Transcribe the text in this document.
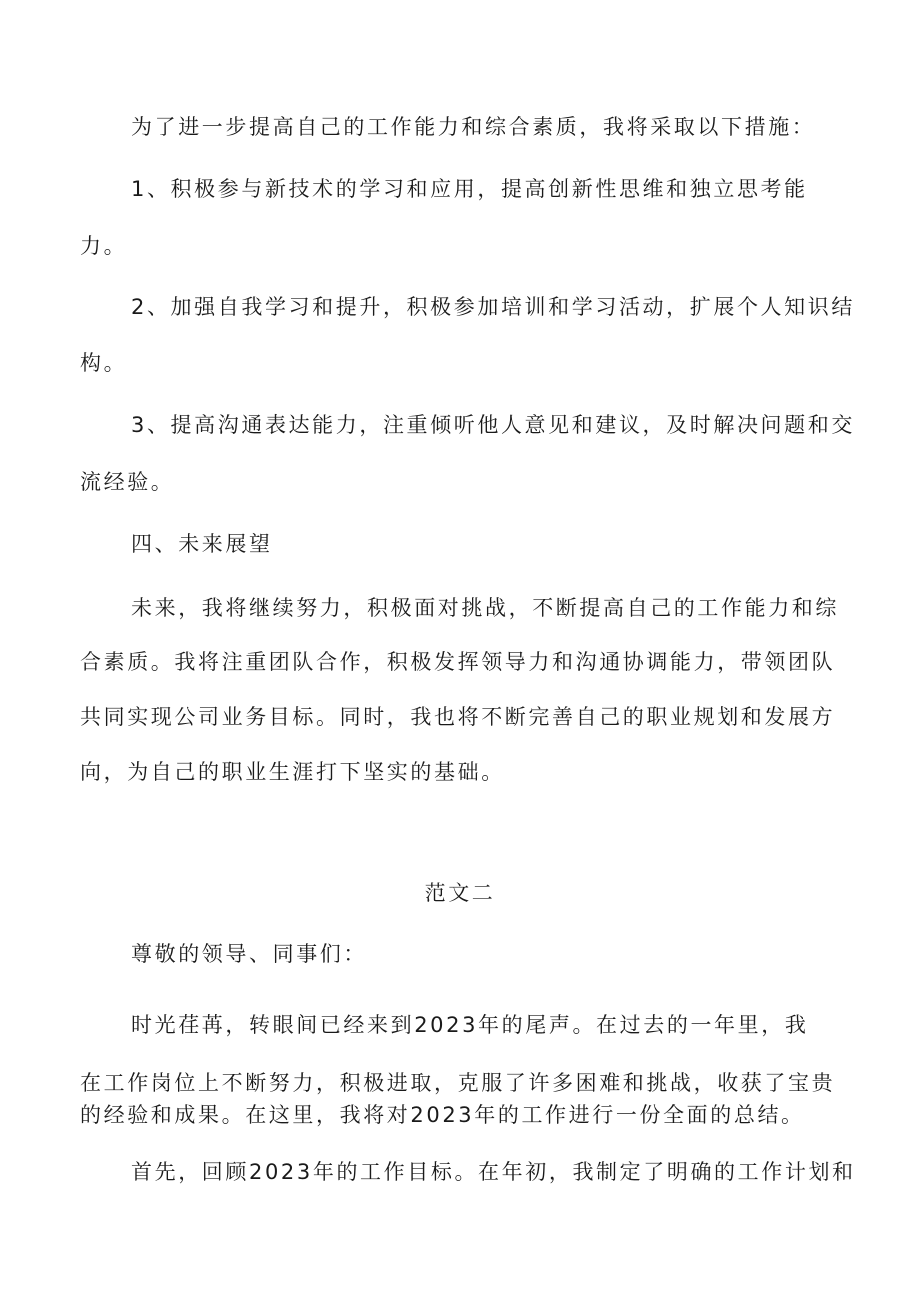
为了进一步提高自己的工作能力和综合素质，我将采取以下措施：
1、积极参与新技术的学习和应用，提高创新性思维和独立思考能
力。
2、加强自我学习和提升，积极参加培训和学习活动，扩展个人知识结
构。
3、提高沟通表达能力，注重倾听他人意见和建议，及时解决问题和交
流经验。
四、未来展望
未来，我将继续努力，积极面对挑战，不断提高自己的工作能力和综
合素质。我将注重团队合作，积极发挥领导力和沟通协调能力，带领团队
共同实现公司业务目标。同时，我也将不断完善自己的职业规划和发展方
向，为自己的职业生涯打下坚实的基础。
范文二
尊敬的领导、同事们：
时光荏苒，转眼间已经来到2023年的尾声。在过去的一年里，我
在工作岗位上不断努力，积极进取，克服了许多困难和挑战，收获了宝贵
的经验和成果。在这里，我将对2023年的工作进行一份全面的总结。
首先，回顾2023年的工作目标。在年初，我制定了明确的工作计划和
